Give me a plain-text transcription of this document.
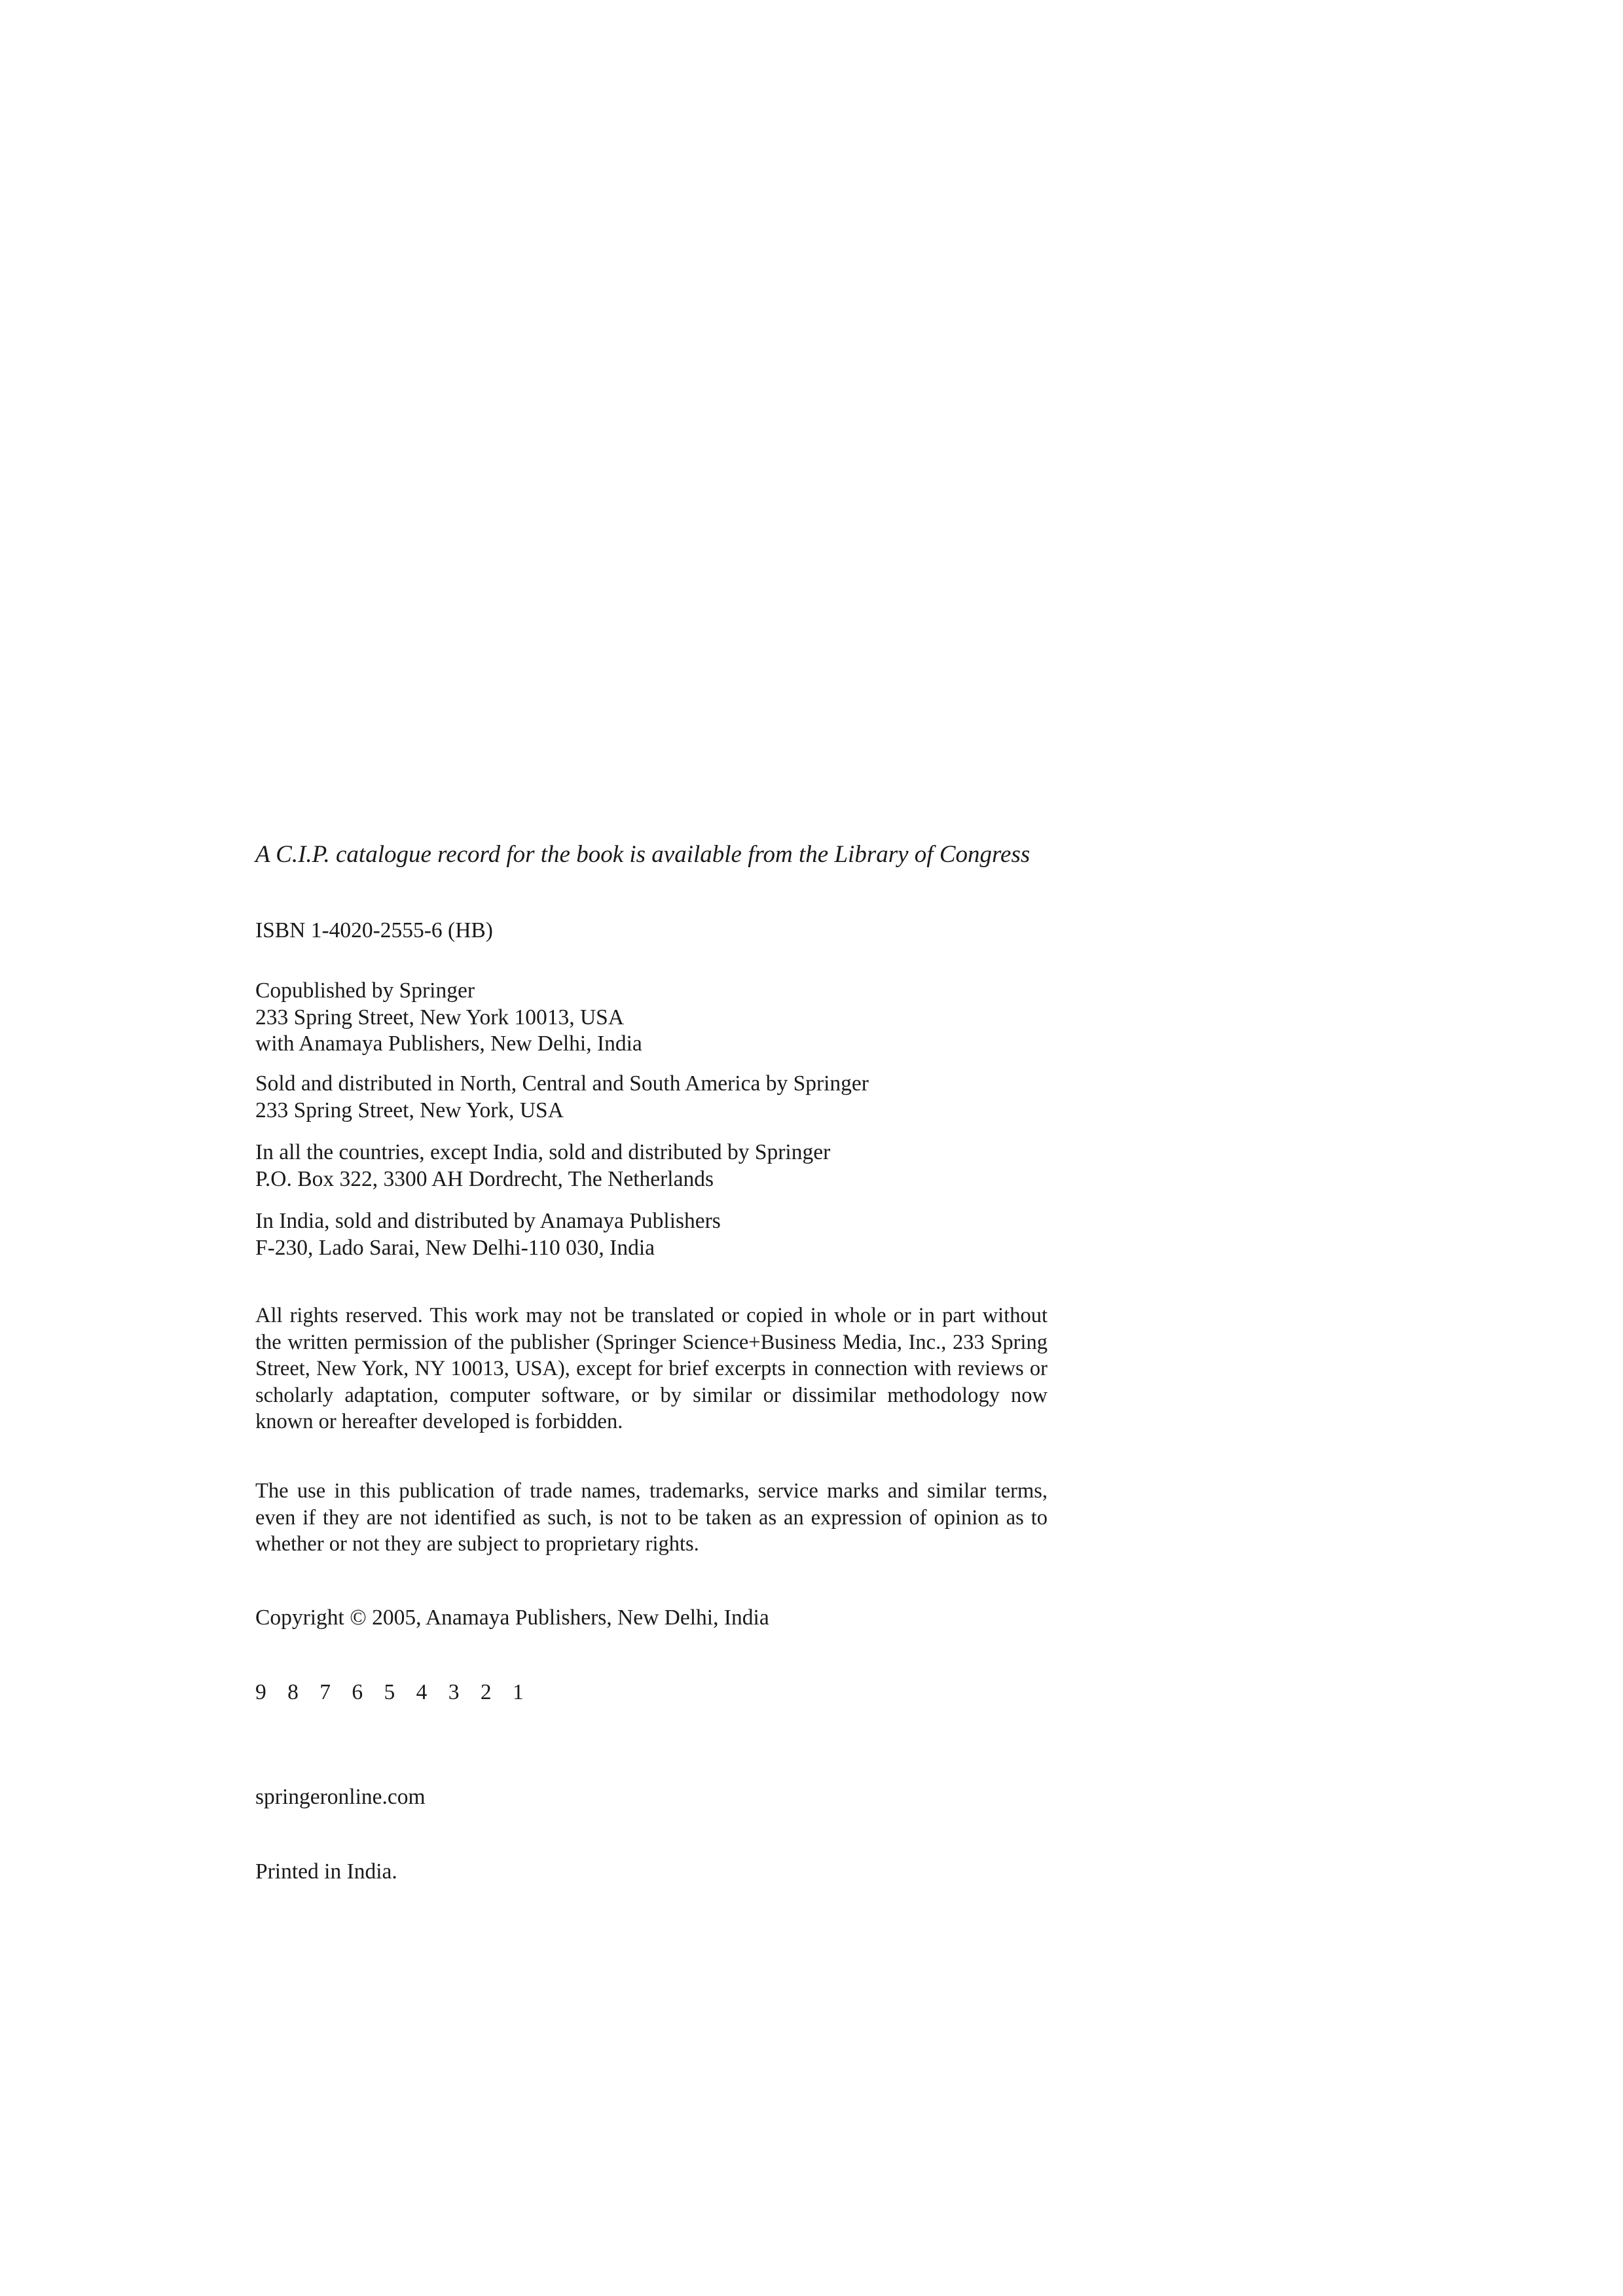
A C.I.P. catalogue record for the book is available from the Library of Congress

ISBN 1-4020-2555-6 (HB)

Copublished by Springer
233 Spring Street, New York 10013, USA
with Anamaya Publishers, New Delhi, India
Sold and distributed in North, Central and South America by Springer
233 Spring Street, New York, USA
In all the countries, except India, sold and distributed by Springer
P.O. Box 322, 3300 AH Dordrecht, The Netherlands
In India, sold and distributed by Anamaya Publishers
F-230, Lado Sarai, New Delhi-110 030, India

All rights reserved. This work may not be translated or copied in whole or in part without the written permission of the publisher (Springer Science+Business Media, Inc., 233 Spring Street, New York, NY 10013, USA), except for brief excerpts in connection with reviews or scholarly adaptation, computer software, or by similar or dissimilar methodology now known or hereafter developed is forbidden.

The use in this publication of trade names, trademarks, service marks and similar terms, even if they are not identified as such, is not to be taken as an expression of opinion as to whether or not they are subject to proprietary rights.

Copyright © 2005, Anamaya Publishers, New Delhi, India

9 8 7 6 5 4 3 2 1

springeronline.com

Printed in India.
